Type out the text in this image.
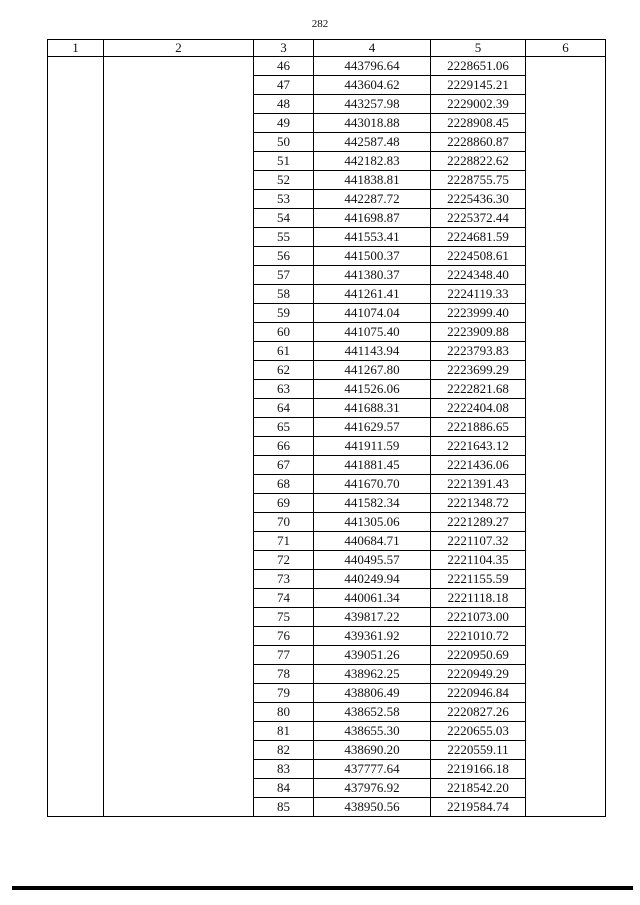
282
1	2	3	4	5	6
		46	443796.64	2228651.06	
		47	443604.62	2229145.21	
		48	443257.98	2229002.39	
		49	443018.88	2228908.45	
		50	442587.48	2228860.87	
		51	442182.83	2228822.62	
		52	441838.81	2228755.75	
		53	442287.72	2225436.30	
		54	441698.87	2225372.44	
		55	441553.41	2224681.59	
		56	441500.37	2224508.61	
		57	441380.37	2224348.40	
		58	441261.41	2224119.33	
		59	441074.04	2223999.40	
		60	441075.40	2223909.88	
		61	441143.94	2223793.83	
		62	441267.80	2223699.29	
		63	441526.06	2222821.68	
		64	441688.31	2222404.08	
		65	441629.57	2221886.65	
		66	441911.59	2221643.12	
		67	441881.45	2221436.06	
		68	441670.70	2221391.43	
		69	441582.34	2221348.72	
		70	441305.06	2221289.27	
		71	440684.71	2221107.32	
		72	440495.57	2221104.35	
		73	440249.94	2221155.59	
		74	440061.34	2221118.18	
		75	439817.22	2221073.00	
		76	439361.92	2221010.72	
		77	439051.26	2220950.69	
		78	438962.25	2220949.29	
		79	438806.49	2220946.84	
		80	438652.58	2220827.26	
		81	438655.30	2220655.03	
		82	438690.20	2220559.11	
		83	437777.64	2219166.18	
		84	437976.92	2218542.20	
		85	438950.56	2219584.74	
